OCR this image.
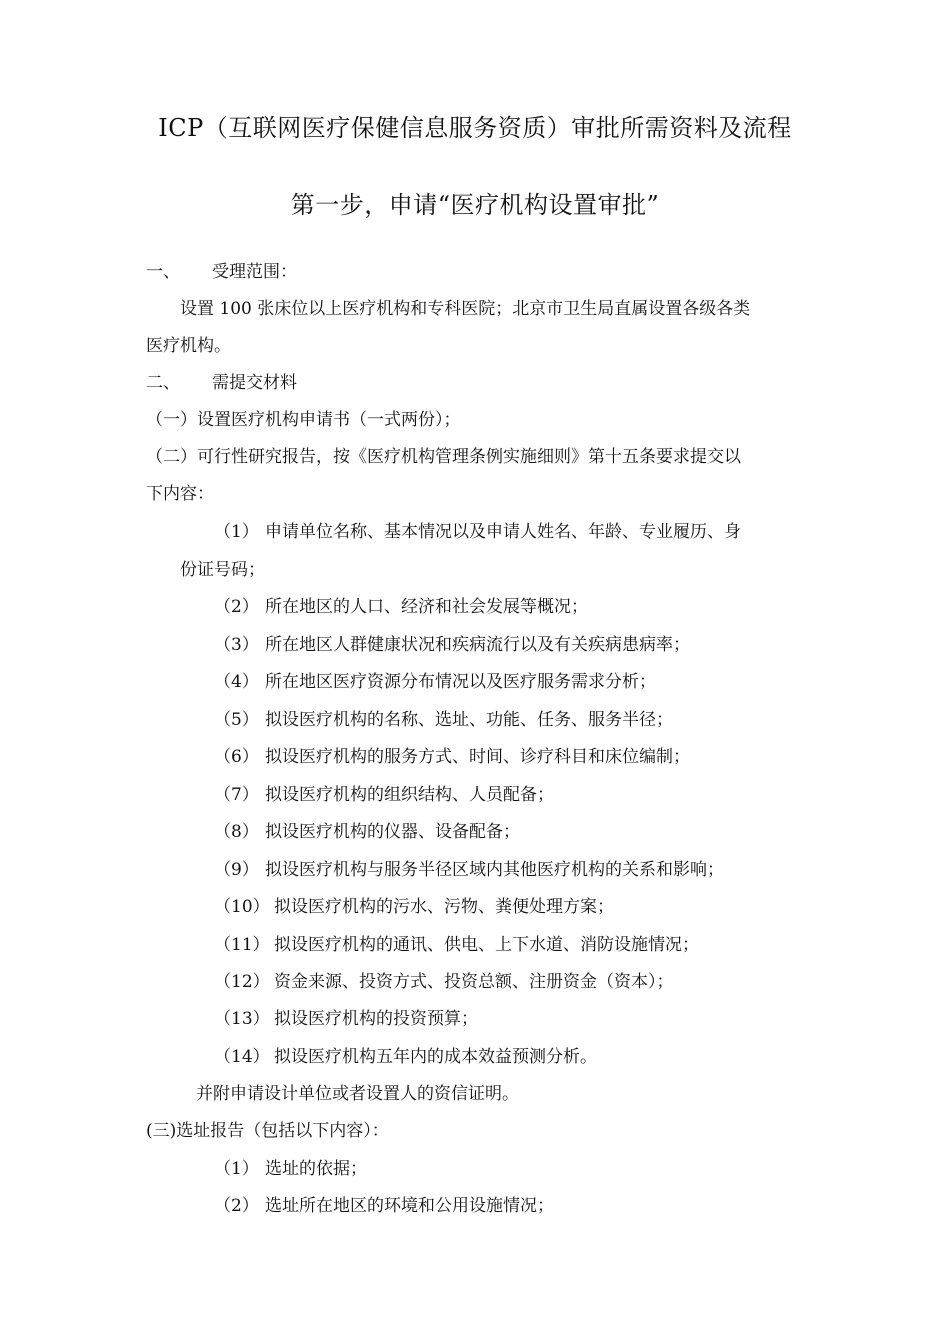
ICP（互联网医疗保健信息服务资质）审批所需资料及流程
第一步，申请“医疗机构设置审批”
一、 受理范围：
设置 100 张床位以上医疗机构和专科医院；北京市卫生局直属设置各级各类
医疗机构。
二、 需提交材料
（一）设置医疗机构申请书（一式两份）；
（二）可行性研究报告，按《医疗机构管理条例实施细则》第十五条要求提交以
下内容：
（1） 申请单位名称、基本情况以及申请人姓名、年龄、专业履历、身
份证号码；
（2） 所在地区的人口、经济和社会发展等概况；
（3） 所在地区人群健康状况和疾病流行以及有关疾病患病率；
（4） 所在地区医疗资源分布情况以及医疗服务需求分析；
（5） 拟设医疗机构的名称、选址、功能、任务、服务半径；
（6） 拟设医疗机构的服务方式、时间、诊疗科目和床位编制；
（7） 拟设医疗机构的组织结构、人员配备；
（8） 拟设医疗机构的仪器、设备配备；
（9） 拟设医疗机构与服务半径区域内其他医疗机构的关系和影响；
（10） 拟设医疗机构的污水、污物、粪便处理方案；
（11） 拟设医疗机构的通讯、供电、上下水道、消防设施情况；
（12） 资金来源、投资方式、投资总额、注册资金（资本）；
（13） 拟设医疗机构的投资预算；
（14） 拟设医疗机构五年内的成本效益预测分析。
并附申请设计单位或者设置人的资信证明。
(三)选址报告（包括以下内容）：
（1） 选址的依据；
（2） 选址所在地区的环境和公用设施情况；
